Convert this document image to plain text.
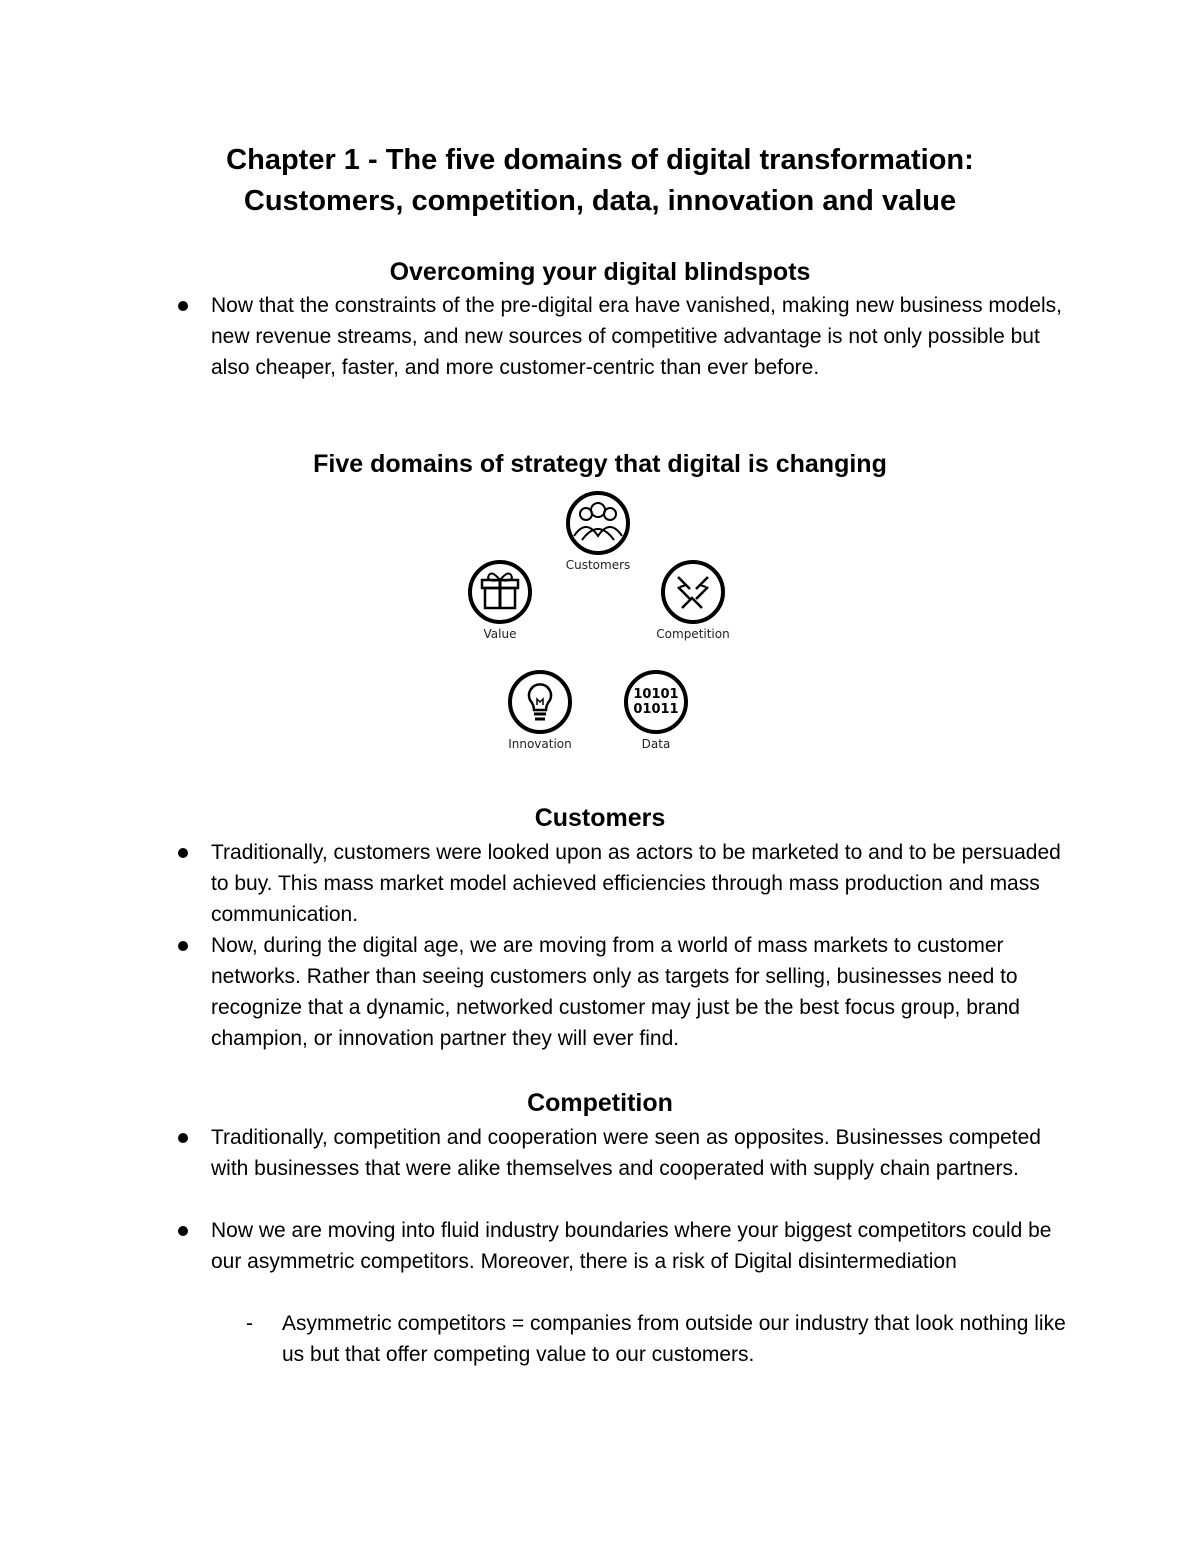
Chapter 1 - The five domains of digital transformation:
Customers, competition, data, innovation and value
Overcoming your digital blindspots

Now that the constraints of the pre-digital era have vanished, making new business models, new revenue streams, and new sources of competitive advantage is not only possible but also cheaper, faster, and more customer-centric than ever before.

Five domains of strategy that digital is changing
Customers
Value	Competition
Innovation
10101
01011
Data
Customers

Traditionally, customers were looked upon as actors to be marketed to and to be persuaded to buy. This mass market model achieved efficiencies through mass production and mass communication.

Now, during the digital age, we are moving from a world of mass markets to customer networks. Rather than seeing customers only as targets for selling, businesses need to recognize that a dynamic, networked customer may just be the best focus group, brand champion, or innovation partner they will ever find.

Competition

Traditionally, competition and cooperation were seen as opposites. Businesses competed with businesses that were alike themselves and cooperated with supply chain partners.

Now we are moving into fluid industry boundaries where your biggest competitors could be our asymmetric competitors. Moreover, there is a risk of Digital disintermediation

- Asymmetric competitors = companies from outside our industry that look nothing like us but that offer competing value to our customers.
